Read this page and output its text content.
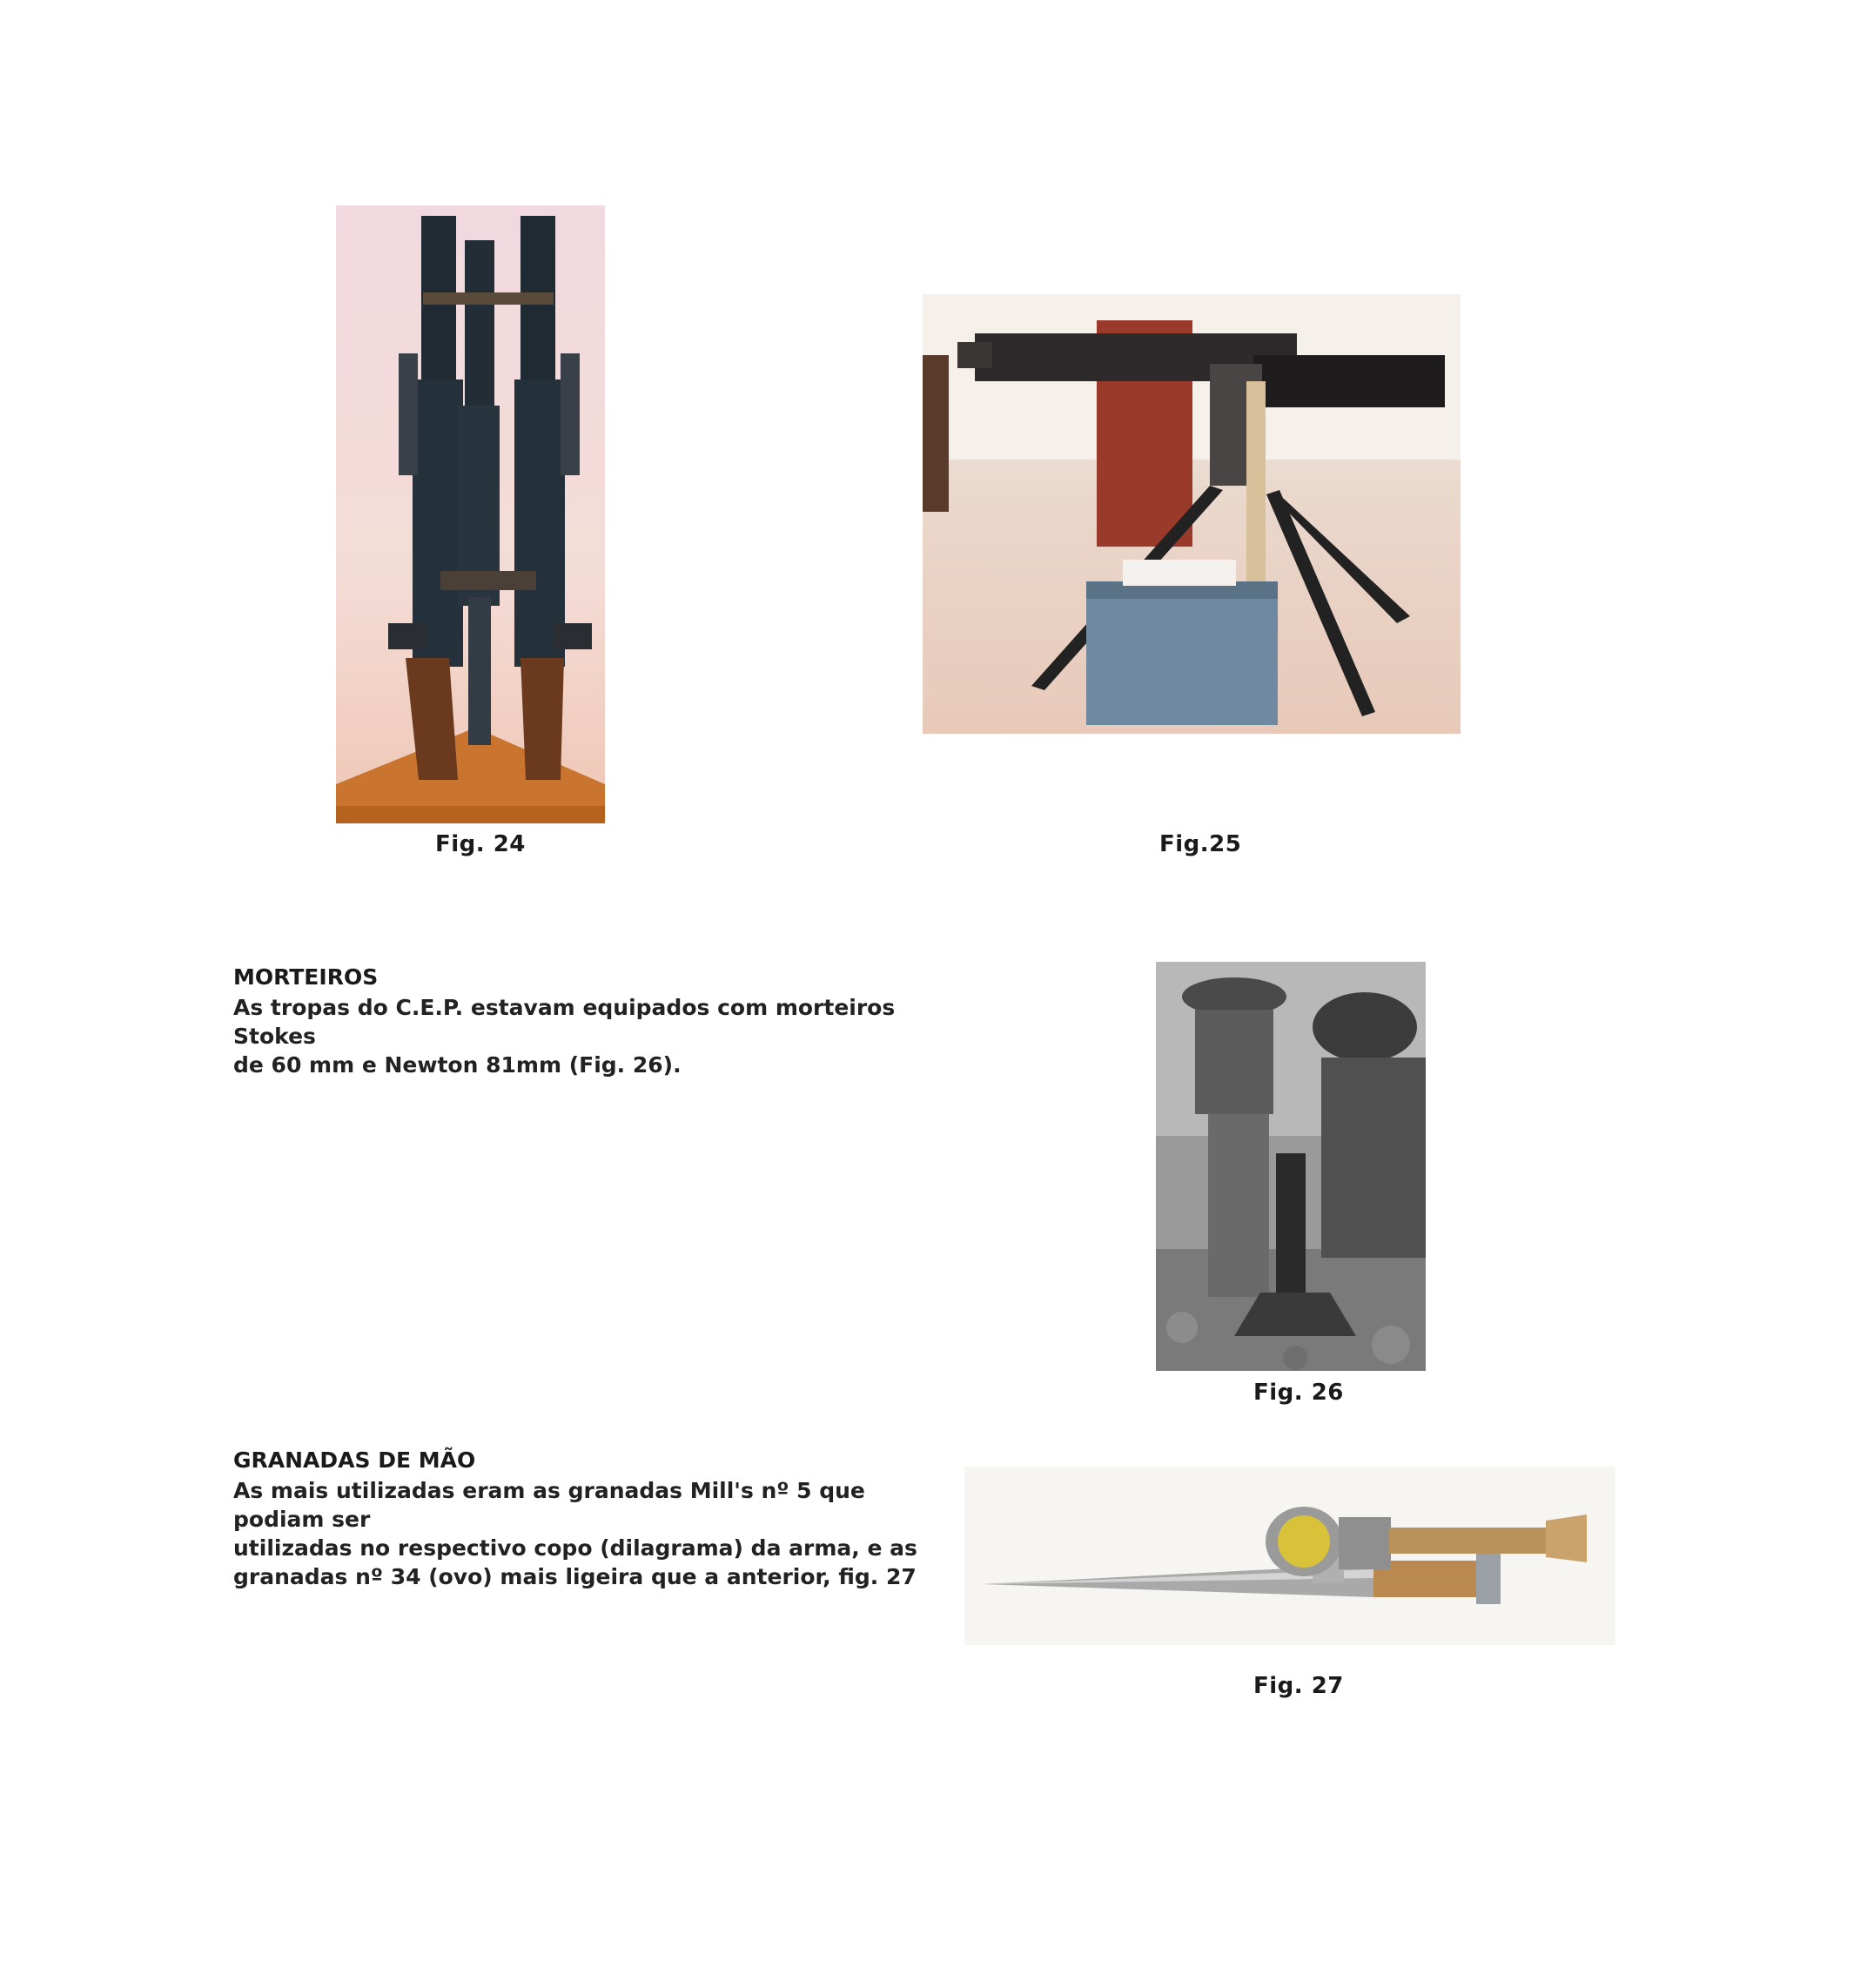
Fig. 24	Fig.25

MORTEIROS

As tropas do C.E.P. estavam equipados com morteiros Stokes

de 60 mm e Newton 81mm (Fig. 26).

Fig. 26

GRANADAS DE MÃO

As mais utilizadas eram as granadas Mill's nº 5 que podiam ser

utilizadas no respectivo copo (dilagrama) da arma, e as

granadas nº 34 (ovo) mais ligeira que a anterior, fig. 27

Fig. 27
